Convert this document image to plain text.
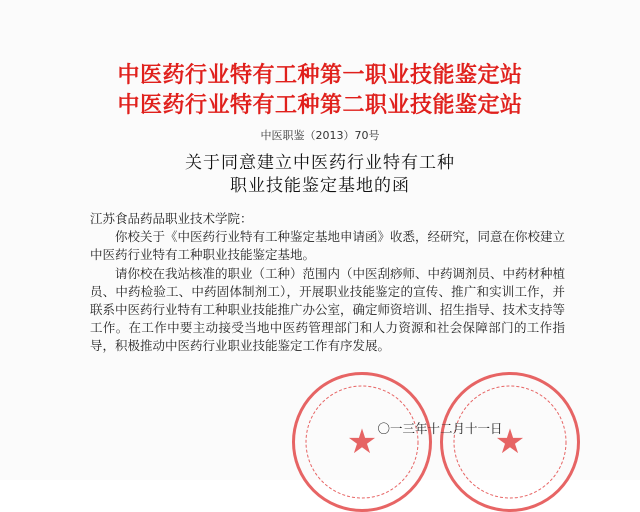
中医药行业特有工种第一职业技能鉴定站
中医药行业特有工种第二职业技能鉴定站
中医职鉴（2013）70号
关于同意建立中医药行业特有工种
职业技能鉴定基地的函

江苏食品药品职业技术学院：

你校关于《中医药行业特有工种鉴定基地申请函》收悉，经研究，同意在你校建立中医药行业特有工种职业技能鉴定基地。

请你校在我站核准的职业（工种）范围内（中医刮痧师、中药调剂员、中药材种植员、中药检验工、中药固体制剂工），开展职业技能鉴定的宣传、推广和实训工作，并联系中医药行业特有工种职业技能推广办公室，确定师资培训、招生指导、技术支持等工作。在工作中要主动接受当地中医药管理部门和人力资源和社会保障部门的工作指导，积极推动中医药行业职业技能鉴定工作有序发展。

★	★
〇一三年十二月十一日
